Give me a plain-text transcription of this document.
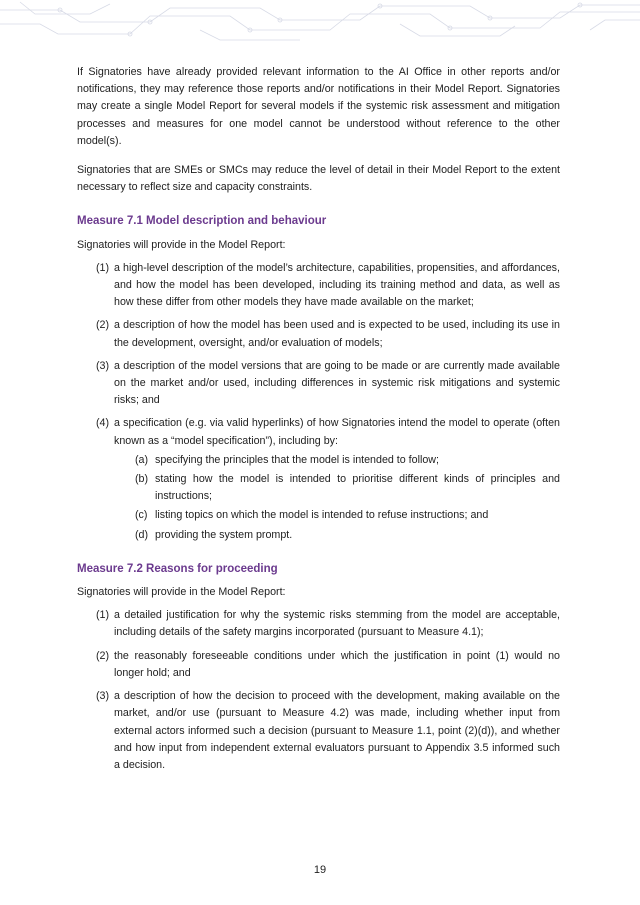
If Signatories have already provided relevant information to the AI Office in other reports and/or notifications, they may reference those reports and/or notifications in their Model Report. Signatories may create a single Model Report for several models if the systemic risk assessment and mitigation processes and measures for one model cannot be understood without reference to the other model(s).

Signatories that are SMEs or SMCs may reduce the level of detail in their Model Report to the extent necessary to reflect size and capacity constraints.

Measure 7.1 Model description and behaviour

Signatories will provide in the Model Report:

(1) a high-level description of the model’s architecture, capabilities, propensities, and affordances, and how the model has been developed, including its training method and data, as well as how these differ from other models they have made available on the market;
(2) a description of how the model has been used and is expected to be used, including its use in the development, oversight, and/or evaluation of models;
(3) a description of the model versions that are going to be made or are currently made available on the market and/or used, including differences in systemic risk mitigations and systemic risks; and
(4) a specification (e.g. via valid hyperlinks) of how Signatories intend the model to operate (often known as a “model specification”), including by:
(a) specifying the principles that the model is intended to follow;
(b) stating how the model is intended to prioritise different kinds of principles and instructions;
(c) listing topics on which the model is intended to refuse instructions; and
(d) providing the system prompt.
Measure 7.2 Reasons for proceeding

Signatories will provide in the Model Report:

(1) a detailed justification for why the systemic risks stemming from the model are acceptable, including details of the safety margins incorporated (pursuant to Measure 4.1);
(2) the reasonably foreseeable conditions under which the justification in point (1) would no longer hold; and
(3) a description of how the decision to proceed with the development, making available on the market, and/or use (pursuant to Measure 4.2) was made, including whether input from external actors informed such a decision (pursuant to Measure 1.1, point (2)(d)), and whether and how input from independent external evaluators pursuant to Appendix 3.5 informed such a decision.
19
